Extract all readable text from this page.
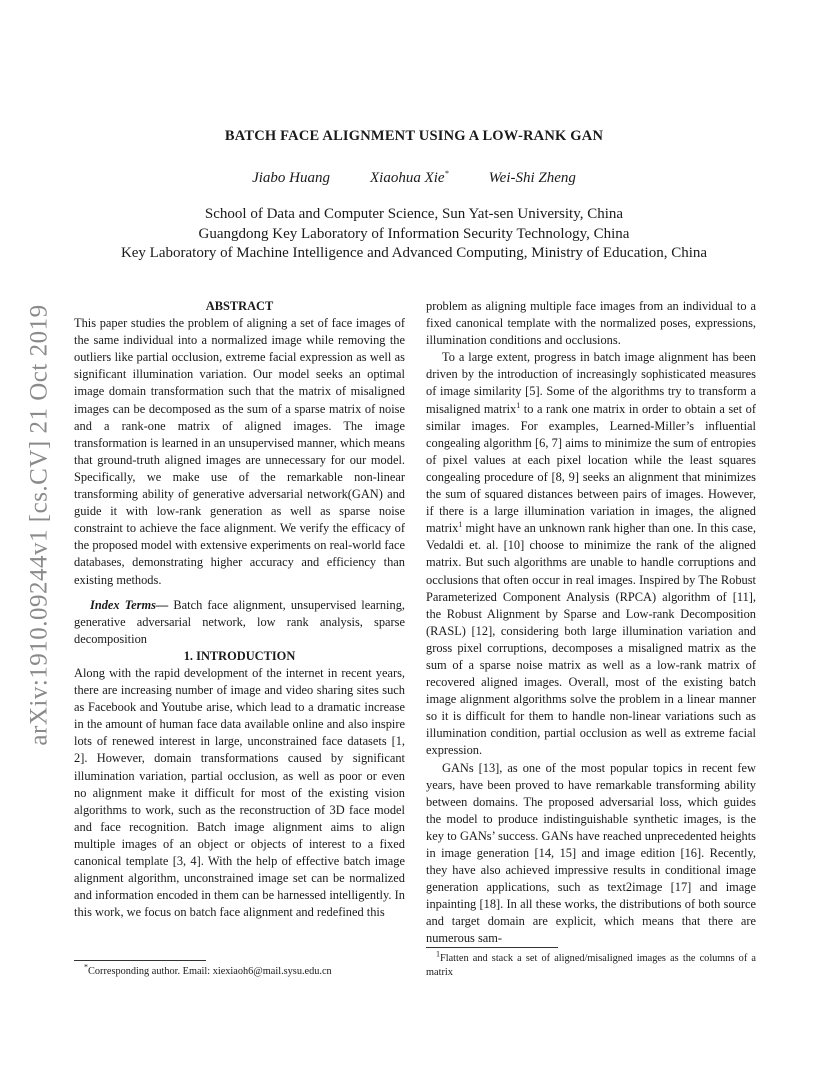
arXiv:1910.09244v1 [cs.CV] 21 Oct 2019
BATCH FACE ALIGNMENT USING A LOW-RANK GAN
Jiabo Huang	Xiaohua Xie*	Wei-Shi Zheng
School of Data and Computer Science, Sun Yat-sen University, China
Guangdong Key Laboratory of Information Security Technology, China
Key Laboratory of Machine Intelligence and Advanced Computing, Ministry of Education, China

ABSTRACT

This paper studies the problem of aligning a set of face images of the same individual into a normalized image while removing the outliers like partial occlusion, extreme facial expression as well as significant illumination variation. Our model seeks an optimal image domain transformation such that the matrix of misaligned images can be decomposed as the sum of a sparse matrix of noise and a rank-one matrix of aligned images. The image transformation is learned in an unsupervised manner, which means that ground-truth aligned images are unnecessary for our model. Specifically, we make use of the remarkable non-linear transforming ability of generative adversarial network(GAN) and guide it with low-rank generation as well as sparse noise constraint to achieve the face alignment. We verify the efficacy of the proposed model with extensive experiments on real-world face databases, demonstrating higher accuracy and efficiency than existing methods.

Index Terms— Batch face alignment, unsupervised learning, generative adversarial network, low rank analysis, sparse decomposition

1. INTRODUCTION

Along with the rapid development of the internet in recent years, there are increasing number of image and video sharing sites such as Facebook and Youtube arise, which lead to a dramatic increase in the amount of human face data available online and also inspire lots of renewed interest in large, unconstrained face datasets [1, 2]. However, domain transformations caused by significant illumination variation, partial occlusion, as well as poor or even no alignment make it difficult for most of the existing vision algorithms to work, such as the reconstruction of 3D face model and face recognition. Batch image alignment aims to align multiple images of an object or objects of interest to a fixed canonical template [3, 4]. With the help of effective batch image alignment algorithm, unconstrained image set can be normalized and information encoded in them can be harnessed intelligently. In this work, we focus on batch face alignment and redefined this

problem as aligning multiple face images from an individual to a fixed canonical template with the normalized poses, expressions, illumination conditions and occlusions.

To a large extent, progress in batch image alignment has been driven by the introduction of increasingly sophisticated measures of image similarity [5]. Some of the algorithms try to transform a misaligned matrix$^1$ to a rank one matrix in order to obtain a set of similar images. For examples, Learned-Miller’s influential congealing algorithm [6, 7] aims to minimize the sum of entropies of pixel values at each pixel location while the least squares congealing procedure of [8, 9] seeks an alignment that minimizes the sum of squared distances between pairs of images. However, if there is a large illumination variation in images, the aligned matrix$^1$ might have an unknown rank higher than one. In this case, Vedaldi et. al. [10] choose to minimize the rank of the aligned matrix. But such algorithms are unable to handle corruptions and occlusions that often occur in real images. Inspired by The Robust Parameterized Component Analysis (RPCA) algorithm of [11], the Robust Alignment by Sparse and Low-rank Decomposition (RASL) [12], considering both large illumination variation and gross pixel corruptions, decomposes a misaligned matrix as the sum of a sparse noise matrix as well as a low-rank matrix of recovered aligned images. Overall, most of the existing batch image alignment algorithms solve the problem in a linear manner so it is difficult for them to handle non-linear variations such as illumination condition, partial occlusion as well as extreme facial expression.

GANs [13], as one of the most popular topics in recent few years, have been proved to have remarkable transforming ability between domains. The proposed adversarial loss, which guides the model to produce indistinguishable synthetic images, is the key to GANs’ success. GANs have reached unprecedented heights in image generation [14, 15] and image edition [16]. Recently, they have also achieved impressive results in conditional image generation applications, such as text2image [17] and image inpainting [18]. In all these works, the distributions of both source and target domain are explicit, which means that there are numerous sam-

*Corresponding author. Email: xiexiaoh6@mail.sysu.edu.cn
$^1$Flatten and stack a set of aligned/misaligned images as the columns of a matrix
